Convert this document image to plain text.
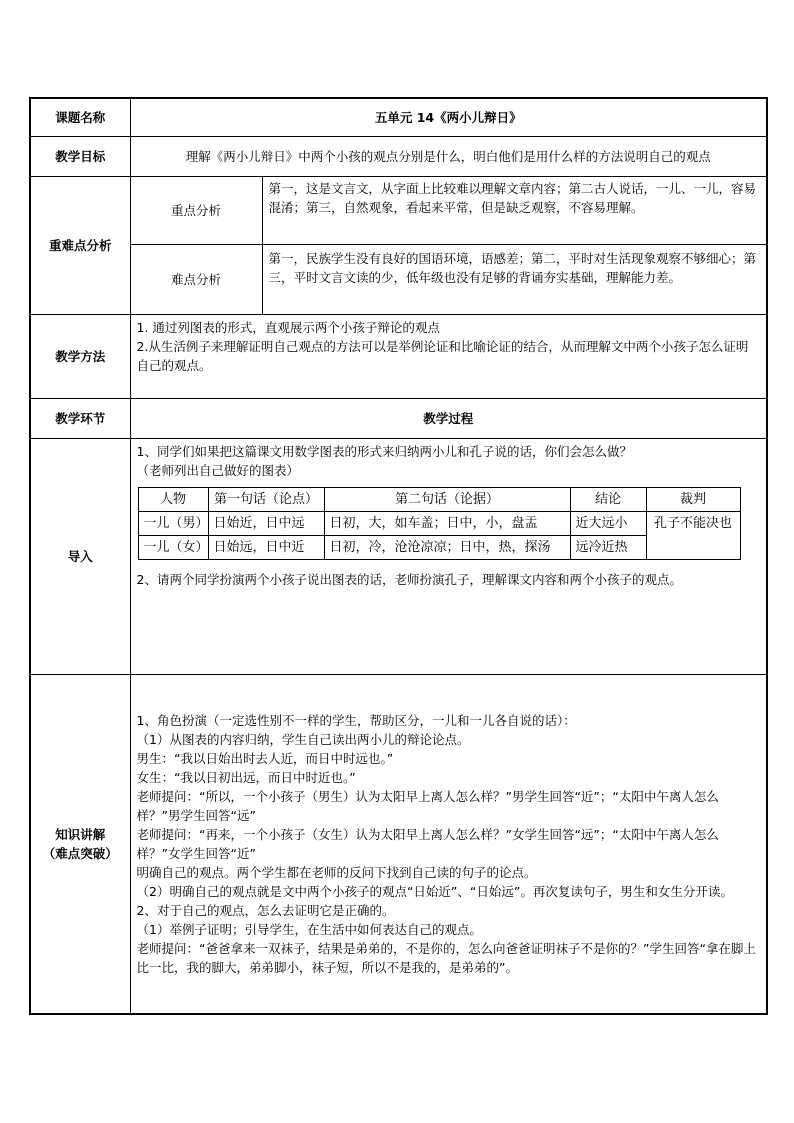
课题名称	五单元 14《两小儿辩日》
教学目标	理解《两小儿辩日》中两个小孩的观点分别是什么，明白他们是用什么样的方法说明自己的观点
重难点分析	重点分析	第一，这是文言文，从字面上比较难以理解文章内容；第二古人说话，一儿、一儿，容易混淆；第三，自然观象，看起来平常，但是缺乏观察，不容易理解。
难点分析	第一，民族学生没有良好的国语环境，语感差；第二，平时对生活现象观察不够细心；第三，平时文言文读的少，低年级也没有足够的背诵夯实基础，理解能力差。
教学方法	

1. 通过列图表的形式，直观展示两个小孩子辩论的观点

2.从生活例子来理解证明自己观点的方法可以是举例论证和比喻论证的结合，从而理解文中两个小孩子怎么证明自己的观点。

教学环节	教学过程
导入	

1、同学们如果把这篇课文用数学图表的形式来归纳两小儿和孔子说的话，你们会怎么做？

（老师列出自己做好的图表）

人物	第一句话（论点）	第二句话（论据）	结论	裁判
一儿（男）	日始近，日中远	日初，大，如车盖；日中，小，盘盂	近大远小	孔子不能决也
一儿（女）	日始远，日中近	日初，冷，沧沧凉凉；日中，热，探汤	远冷近热

2、请两个同学扮演两个小孩子说出图表的话，老师扮演孔子，理解课文内容和两个小孩子的观点。

知识讲解

（难点突破）

1、角色扮演（一定选性别不一样的学生，帮助区分，一儿和一儿各自说的话）：

（1）从图表的内容归纳，学生自己读出两小儿的辩论论点。

男生：“我以日始出时去人近，而日中时远也。”

女生：“我以日初出远，而日中时近也。”

老师提问：“所以，一个小孩子（男生）认为太阳早上离人怎么样？”男学生回答“近”；“太阳中午离人怎么样？”男学生回答“远”

老师提问：“再来，一个小孩子（女生）认为太阳早上离人怎么样？”女学生回答“远”；“太阳中午离人怎么样？”女学生回答“近”

明确自己的观点。两个学生都在老师的反问下找到自己读的句子的论点。

（2）明确自己的观点就是文中两个小孩子的观点“日始近”、“日始远”。再次复读句子，男生和女生分开读。

2、对于自己的观点，怎么去证明它是正确的。

（1）举例子证明；引导学生，在生活中如何表达自己的观点。

老师提问：“爸爸拿来一双袜子，结果是弟弟的，不是你的，怎么向爸爸证明袜子不是你的？”学生回答“拿在脚上比一比，我的脚大，弟弟脚小，袜子短，所以不是我的，是弟弟的”。
